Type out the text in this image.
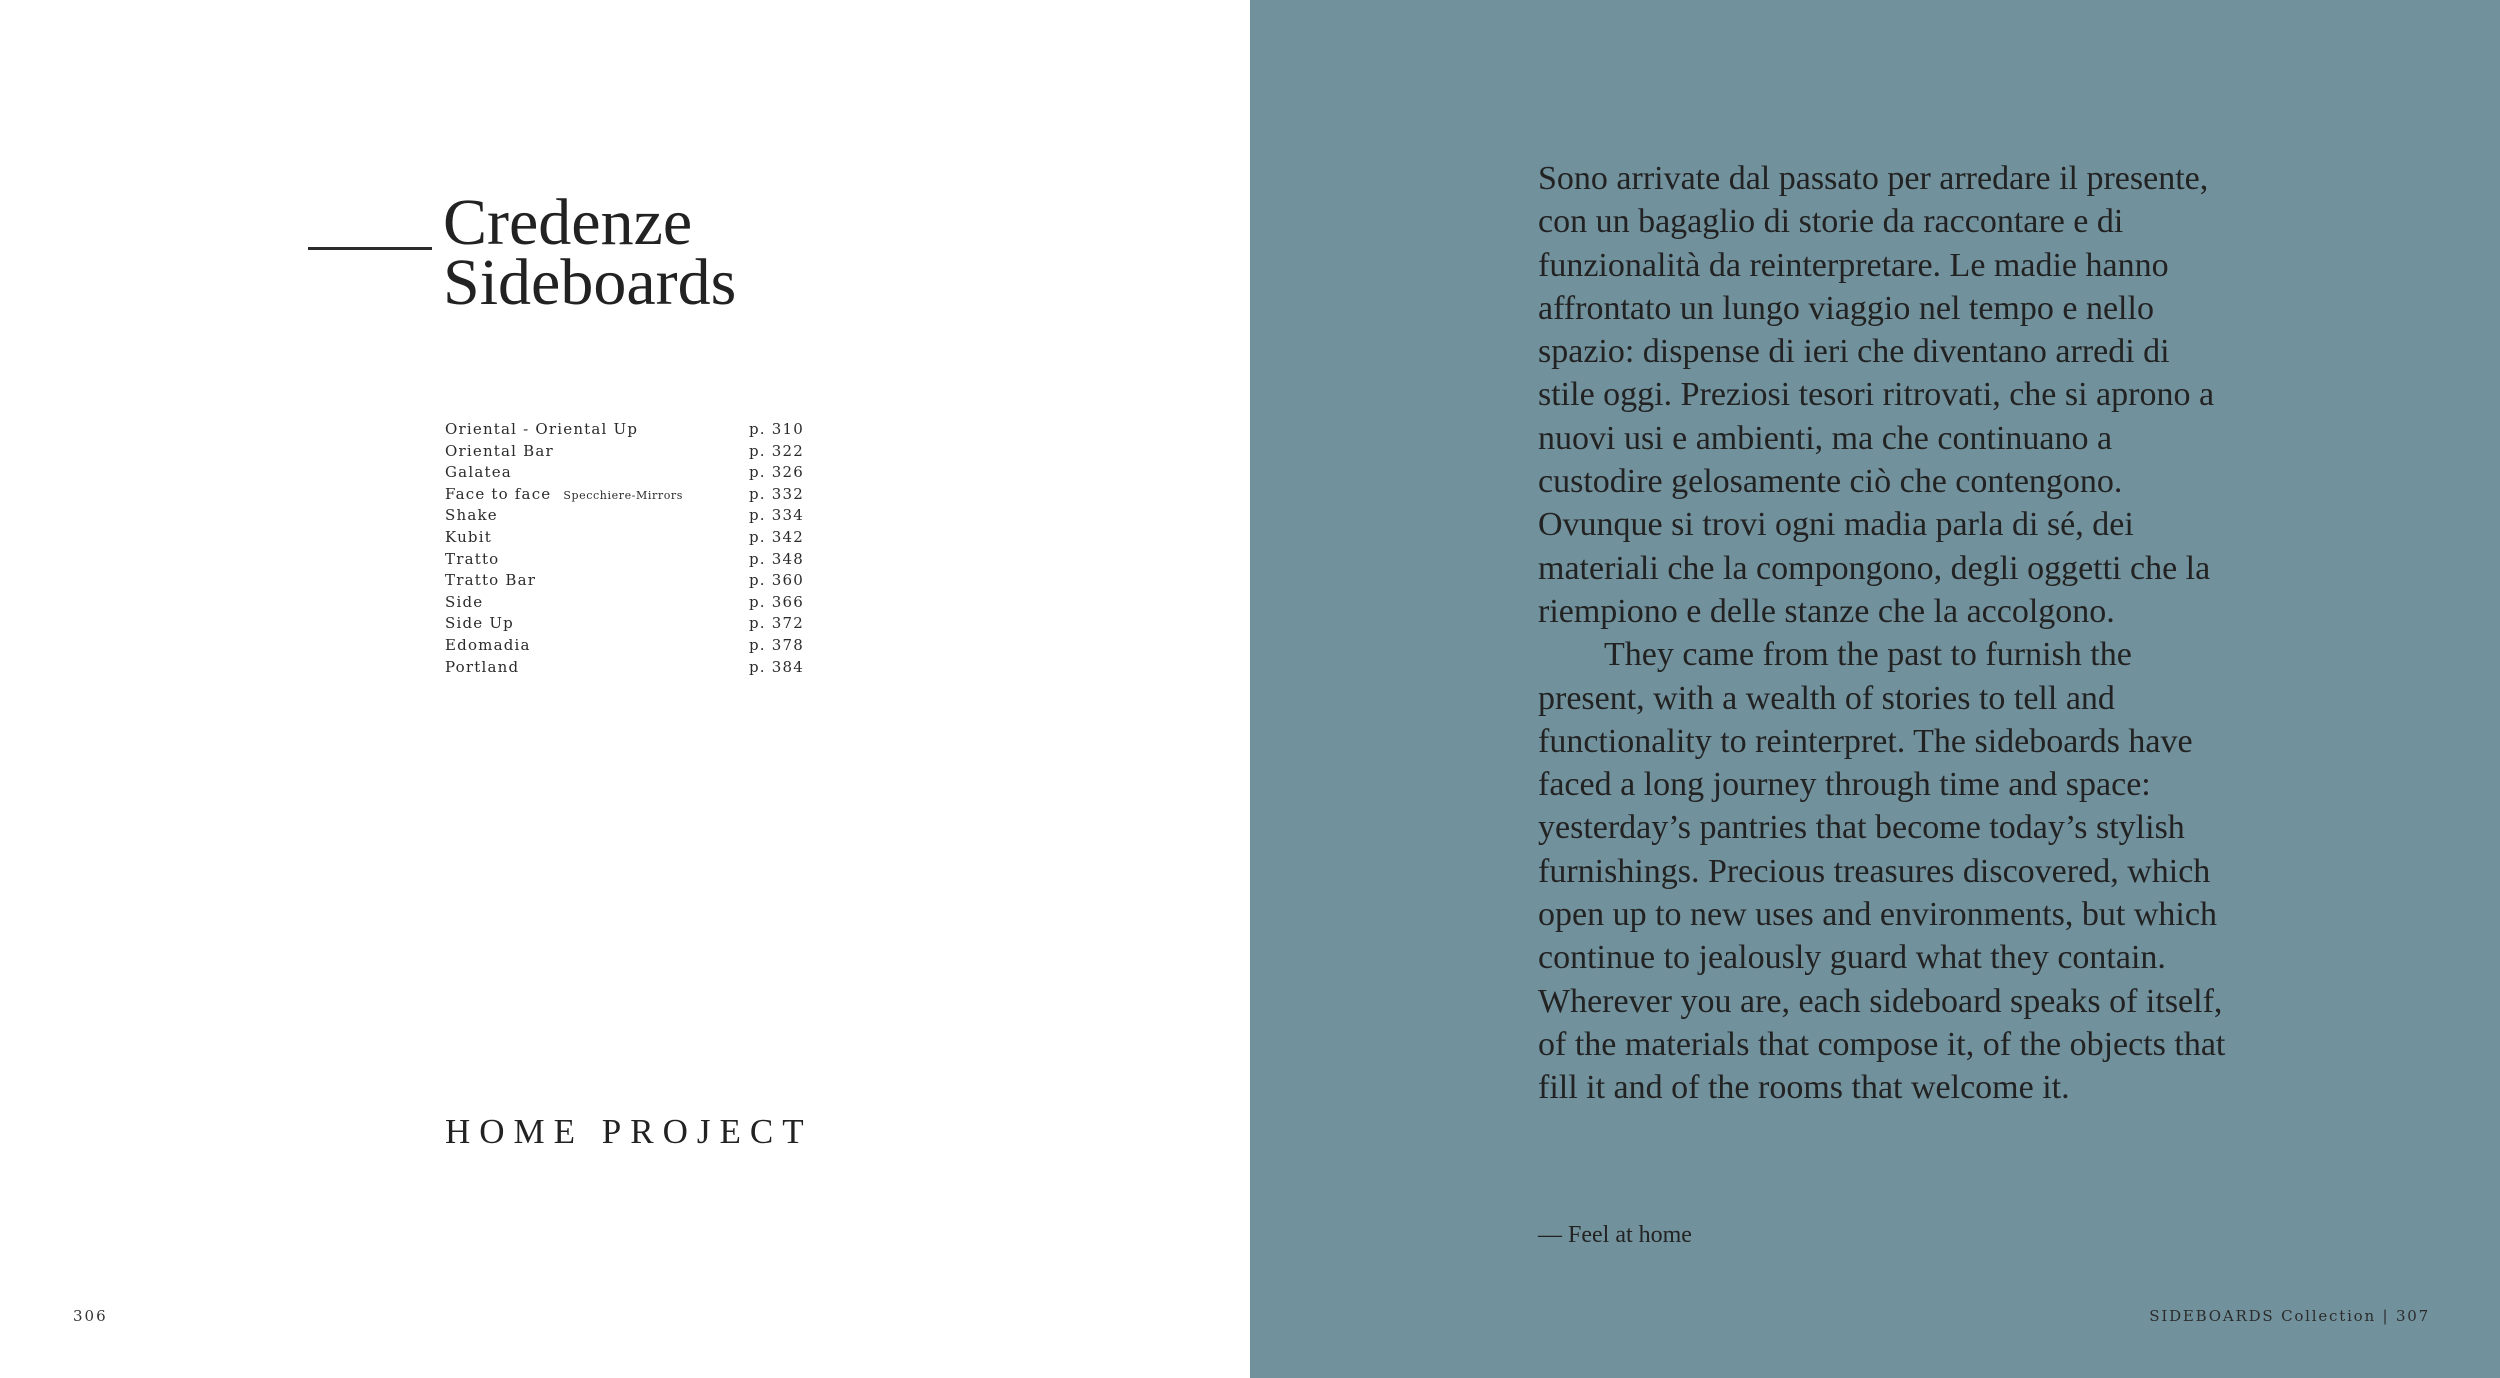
Credenze
Sideboards
Oriental - Oriental Up	p. 310
Oriental Bar	p. 322
Galatea	p. 326
Face to face Specchiere-Mirrors	p. 332
Shake	p. 334
Kubit	p. 342
Tratto	p. 348
Tratto Bar	p. 360
Side	p. 366
Side Up	p. 372
Edomadia	p. 378
Portland	p. 384
HOME PROJECT
306	SIDEBOARDS Collection | 307

Sono arrivate dal passato per arredare il presente, con un bagaglio di storie da raccontare e di funzionalità da reinterpretare. Le madie hanno affrontato un lungo viaggio nel tempo e nello spazio: dispense di ieri che diventano arredi di stile oggi. Preziosi tesori ritrovati, che si aprono a nuovi usi e ambienti, ma che continuano a custodire gelosamente ciò che contengono. Ovunque si trovi ogni madia parla di sé, dei materiali che la compongono, degli oggetti che la riempiono e delle stanze che la accolgono.

They came from the past to furnish the present, with a wealth of stories to tell and functionality to reinterpret. The sideboards have faced a long journey through time and space: yesterday’s pantries that become today’s stylish furnishings. Precious treasures discovered, which open up to new uses and environments, but which continue to jealously guard what they contain. Wherever you are, each sideboard speaks of itself, of the materials that compose it, of the objects that fill it and of the rooms that welcome it.

— Feel at home
